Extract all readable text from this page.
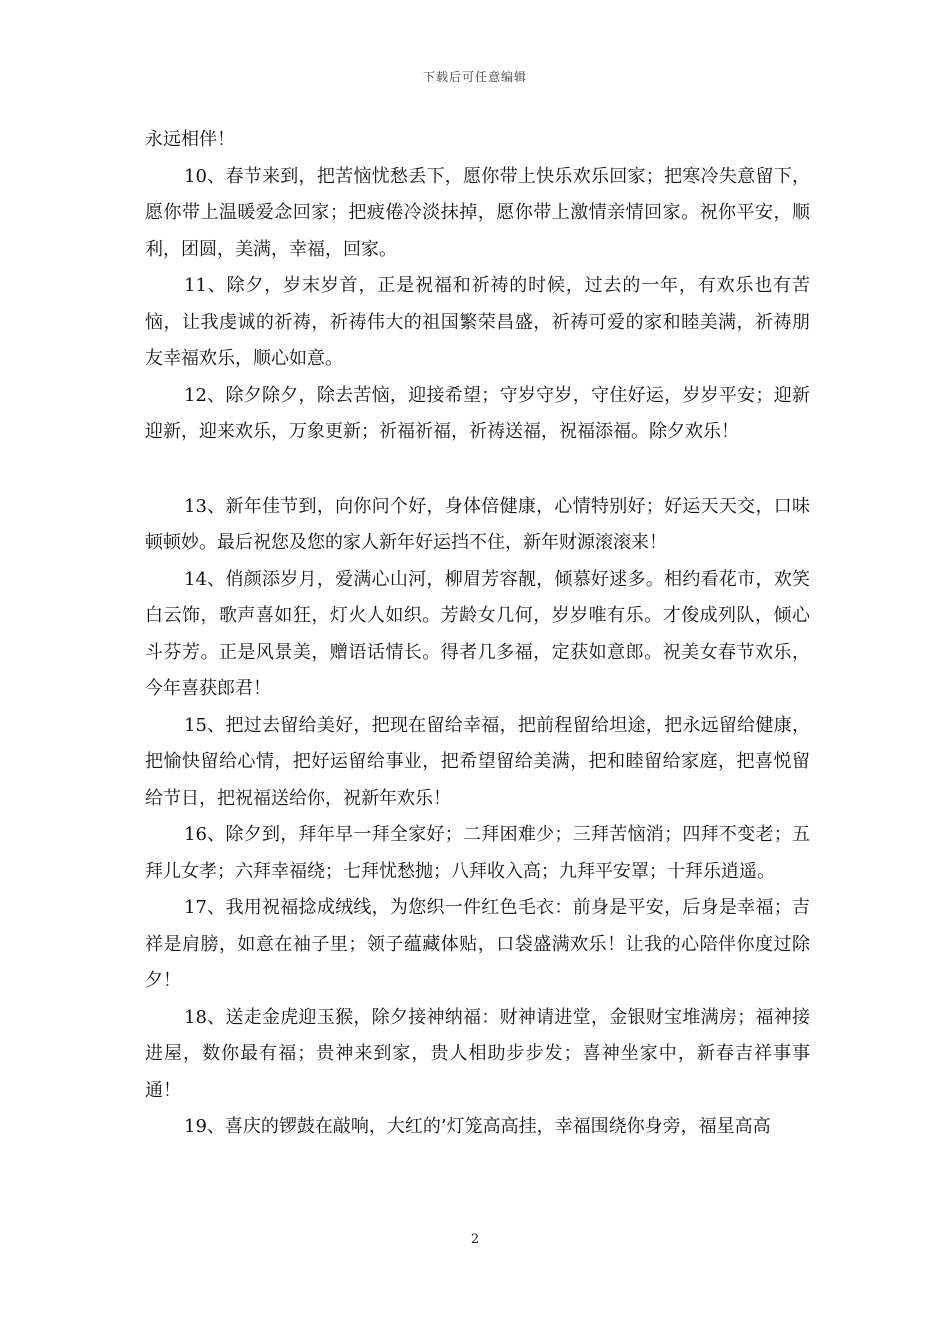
下载后可任意编辑

永远相伴！

10、春节来到，把苦恼忧愁丢下，愿你带上快乐欢乐回家；把寒冷失意留下，愿你带上温暖爱念回家；把疲倦冷淡抹掉，愿你带上激情亲情回家。祝你平安，顺利，团圆，美满，幸福，回家。

11、除夕，岁末岁首，正是祝福和祈祷的时候，过去的一年，有欢乐也有苦恼，让我虔诚的祈祷，祈祷伟大的祖国繁荣昌盛，祈祷可爱的家和睦美满，祈祷朋友幸福欢乐，顺心如意。

12、除夕除夕，除去苦恼，迎接希望；守岁守岁，守住好运，岁岁平安；迎新迎新，迎来欢乐，万象更新；祈福祈福，祈祷送福，祝福添福。除夕欢乐！

13、新年佳节到，向你问个好，身体倍健康，心情特别好；好运天天交，口味顿顿妙。最后祝您及您的家人新年好运挡不住，新年财源滚滚来！

14、俏颜添岁月，爱满心山河，柳眉芳容靓，倾慕好逑多。相约看花市，欢笑白云饰，歌声喜如狂，灯火人如织。芳龄女几何，岁岁唯有乐。才俊成列队，倾心斗芬芳。正是风景美，赠语话情长。得者几多福，定获如意郎。祝美女春节欢乐，今年喜获郎君！

15、把过去留给美好，把现在留给幸福，把前程留给坦途，把永远留给健康，把愉快留给心情，把好运留给事业，把希望留给美满，把和睦留给家庭，把喜悦留给节日，把祝福送给你，祝新年欢乐！

16、除夕到，拜年早一拜全家好；二拜困难少；三拜苦恼消；四拜不变老；五拜儿女孝；六拜幸福绕；七拜忧愁抛；八拜收入高；九拜平安罩；十拜乐逍遥。

17、我用祝福捻成绒线，为您织一件红色毛衣：前身是平安，后身是幸福；吉祥是肩膀，如意在袖子里；领子蕴藏体贴，口袋盛满欢乐！让我的心陪伴你度过除夕！

18、送走金虎迎玉猴，除夕接神纳福：财神请进堂，金银财宝堆满房；福神接进屋，数你最有福；贵神来到家，贵人相助步步发；喜神坐家中，新春吉祥事事通！

19、喜庆的锣鼓在敲响，大红的’灯笼高高挂，幸福围绕你身旁，福星高高

2
